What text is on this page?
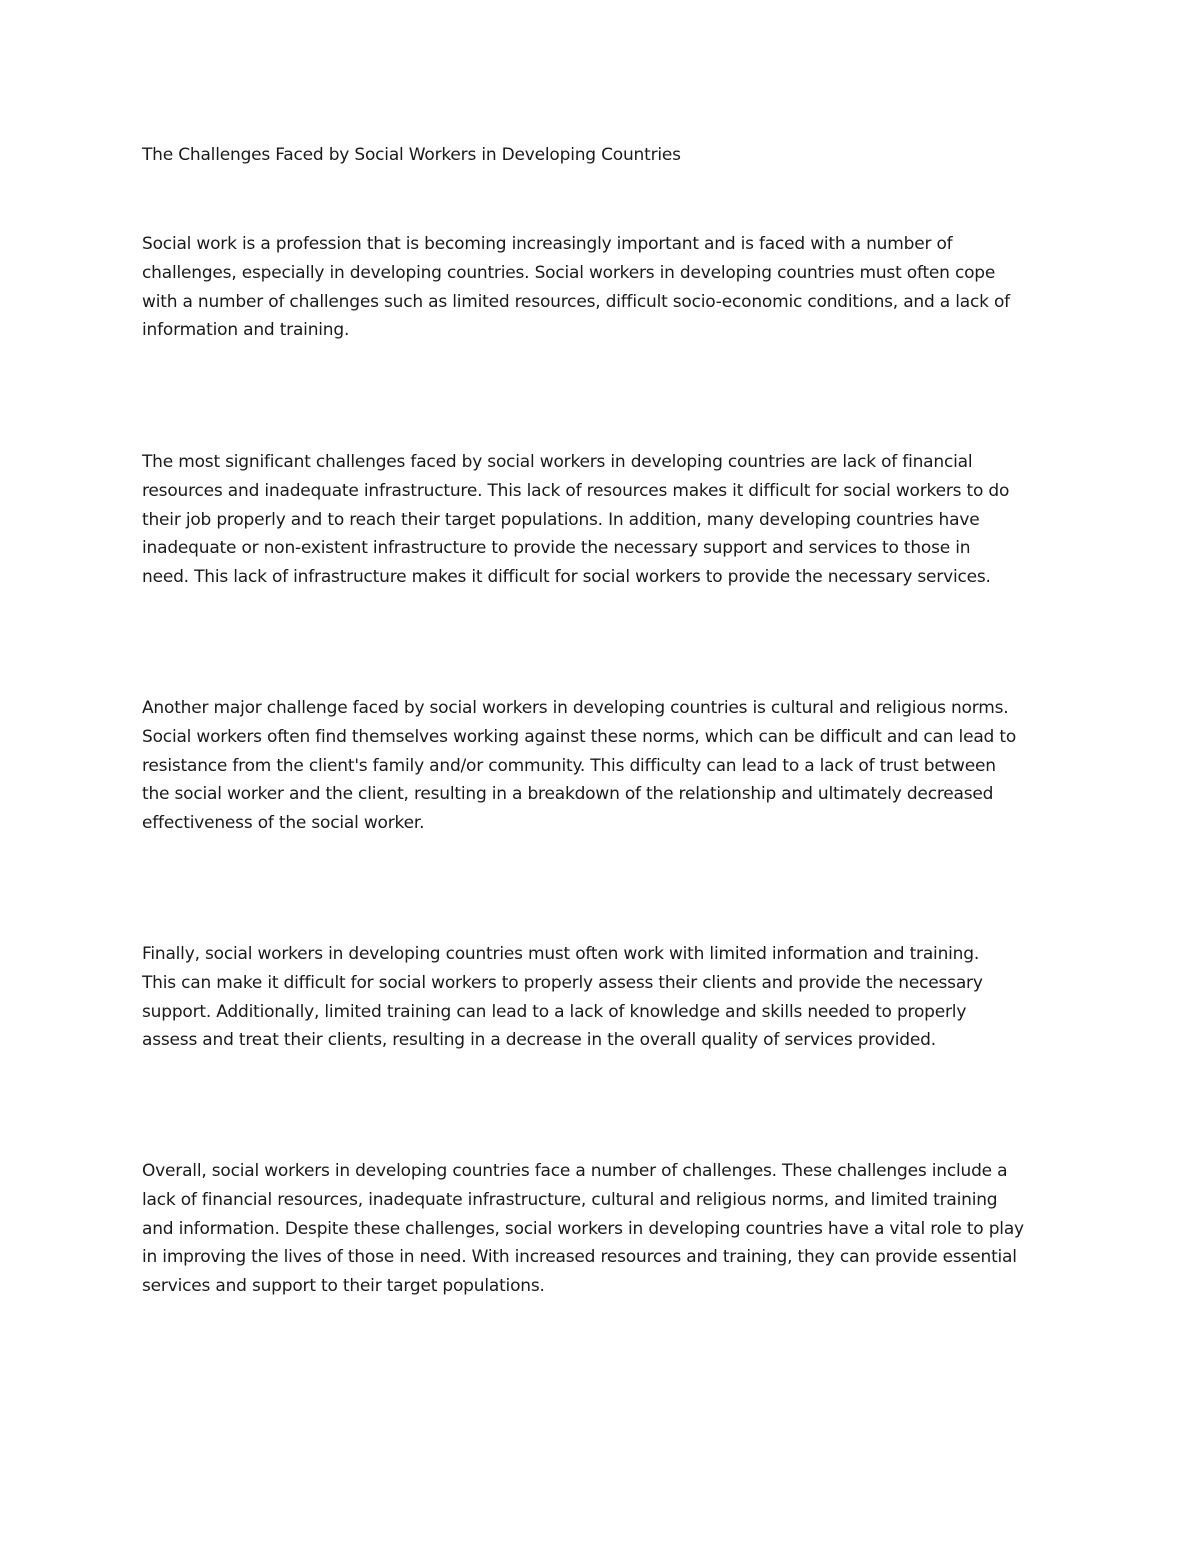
The Challenges Faced by Social Workers in Developing Countries

Social work is a profession that is becoming increasingly important and is faced with a number of
challenges, especially in developing countries. Social workers in developing countries must often cope
with a number of challenges such as limited resources, difficult socio-economic conditions, and a lack of
information and training.

The most significant challenges faced by social workers in developing countries are lack of financial
resources and inadequate infrastructure. This lack of resources makes it difficult for social workers to do
their job properly and to reach their target populations. In addition, many developing countries have
inadequate or non-existent infrastructure to provide the necessary support and services to those in
need. This lack of infrastructure makes it difficult for social workers to provide the necessary services.

Another major challenge faced by social workers in developing countries is cultural and religious norms.
Social workers often find themselves working against these norms, which can be difficult and can lead to
resistance from the client's family and/or community. This difficulty can lead to a lack of trust between
the social worker and the client, resulting in a breakdown of the relationship and ultimately decreased
effectiveness of the social worker.

Finally, social workers in developing countries must often work with limited information and training.
This can make it difficult for social workers to properly assess their clients and provide the necessary
support. Additionally, limited training can lead to a lack of knowledge and skills needed to properly
assess and treat their clients, resulting in a decrease in the overall quality of services provided.

Overall, social workers in developing countries face a number of challenges. These challenges include a
lack of financial resources, inadequate infrastructure, cultural and religious norms, and limited training
and information. Despite these challenges, social workers in developing countries have a vital role to play
in improving the lives of those in need. With increased resources and training, they can provide essential
services and support to their target populations.
